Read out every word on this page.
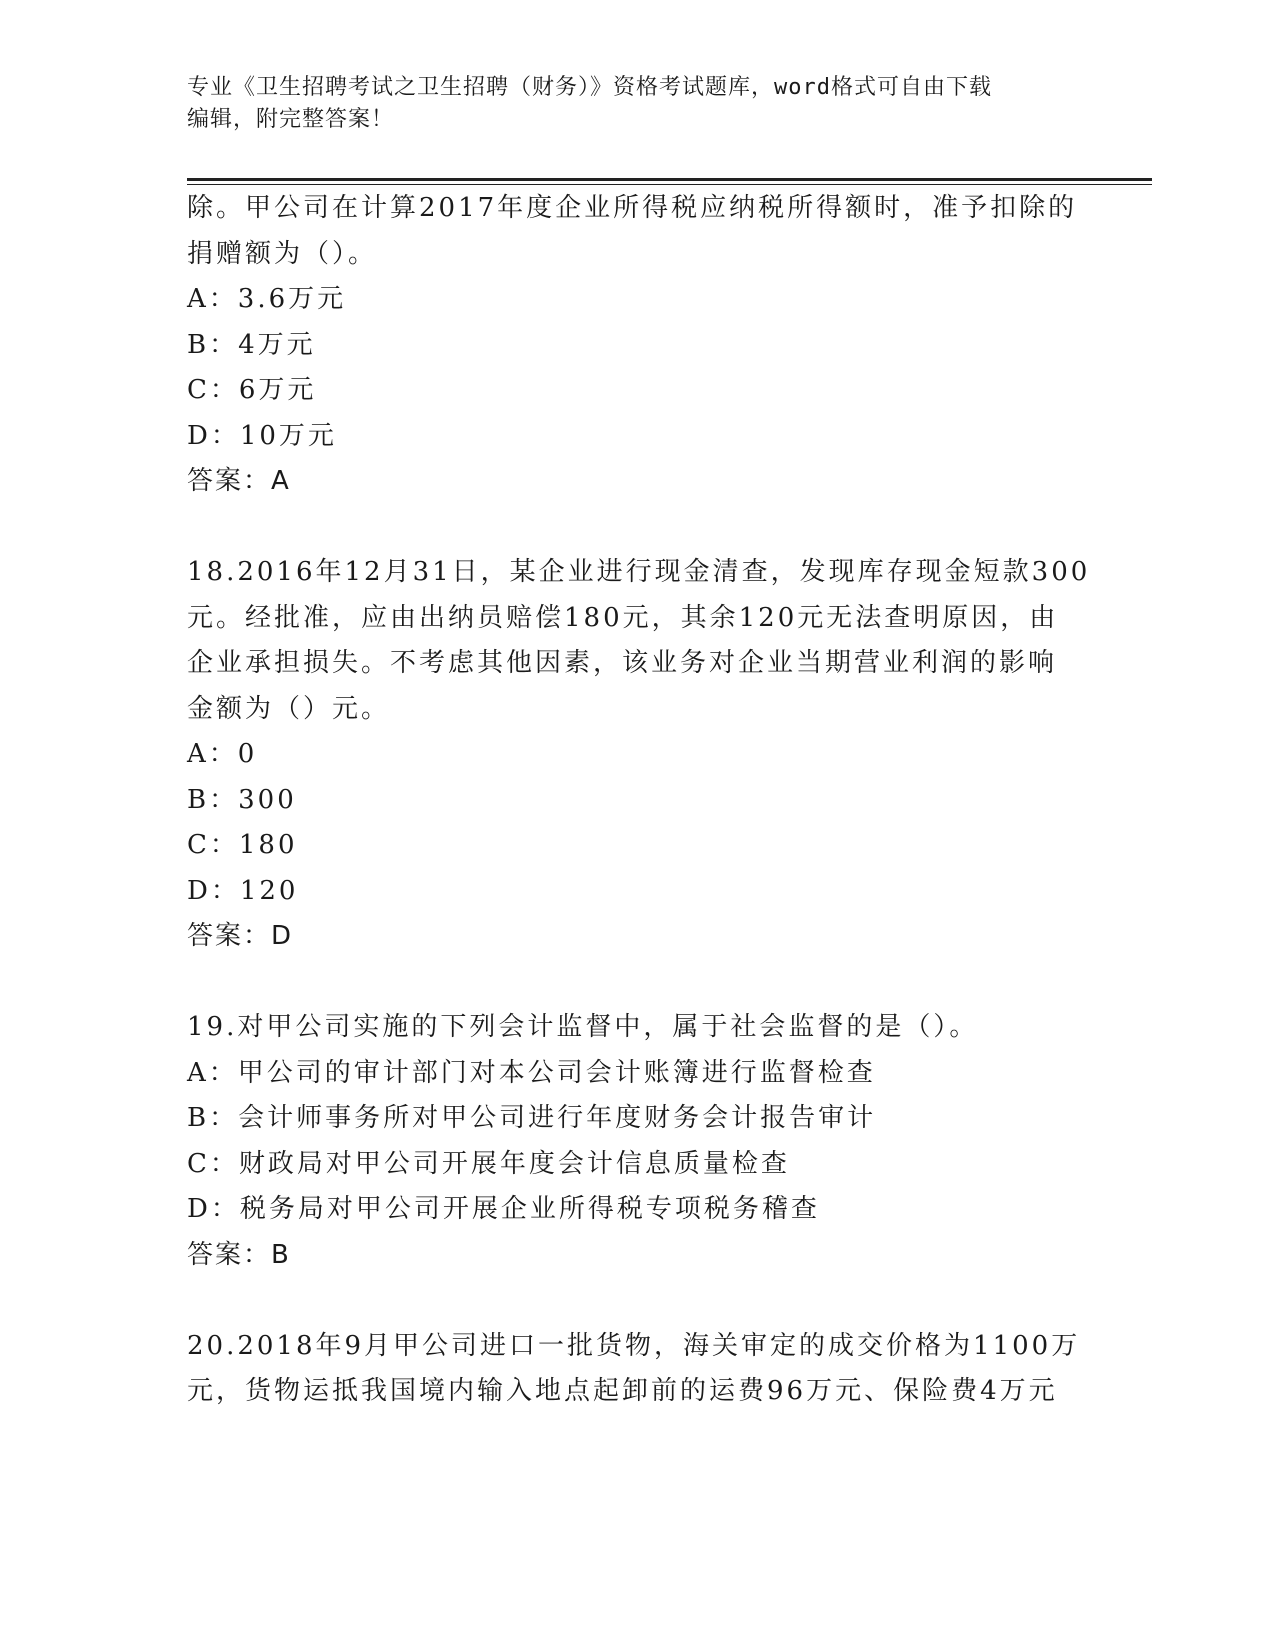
专业《卫生招聘考试之卫生招聘（财务）》资格考试题库，word格式可自由下载
编辑，附完整答案！
除。甲公司在计算2017年度企业所得税应纳税所得额时，准予扣除的
捐赠额为（）。
A：3.6万元
B：4万元
C：6万元
D：10万元
答案：A
18.2016年12月31日，某企业进行现金清查，发现库存现金短款300
元。经批准，应由出纳员赔偿180元，其余120元无法查明原因，由
企业承担损失。不考虑其他因素，该业务对企业当期营业利润的影响
金额为（）元。
A：0
B：300
C：180
D：120
答案：D
19.对甲公司实施的下列会计监督中，属于社会监督的是（）。
A：甲公司的审计部门对本公司会计账簿进行监督检查
B：会计师事务所对甲公司进行年度财务会计报告审计
C：财政局对甲公司开展年度会计信息质量检查
D：税务局对甲公司开展企业所得税专项税务稽查
答案：B
20.2018年9月甲公司进口一批货物，海关审定的成交价格为1100万
元，货物运抵我国境内输入地点起卸前的运费96万元、保险费4万元
